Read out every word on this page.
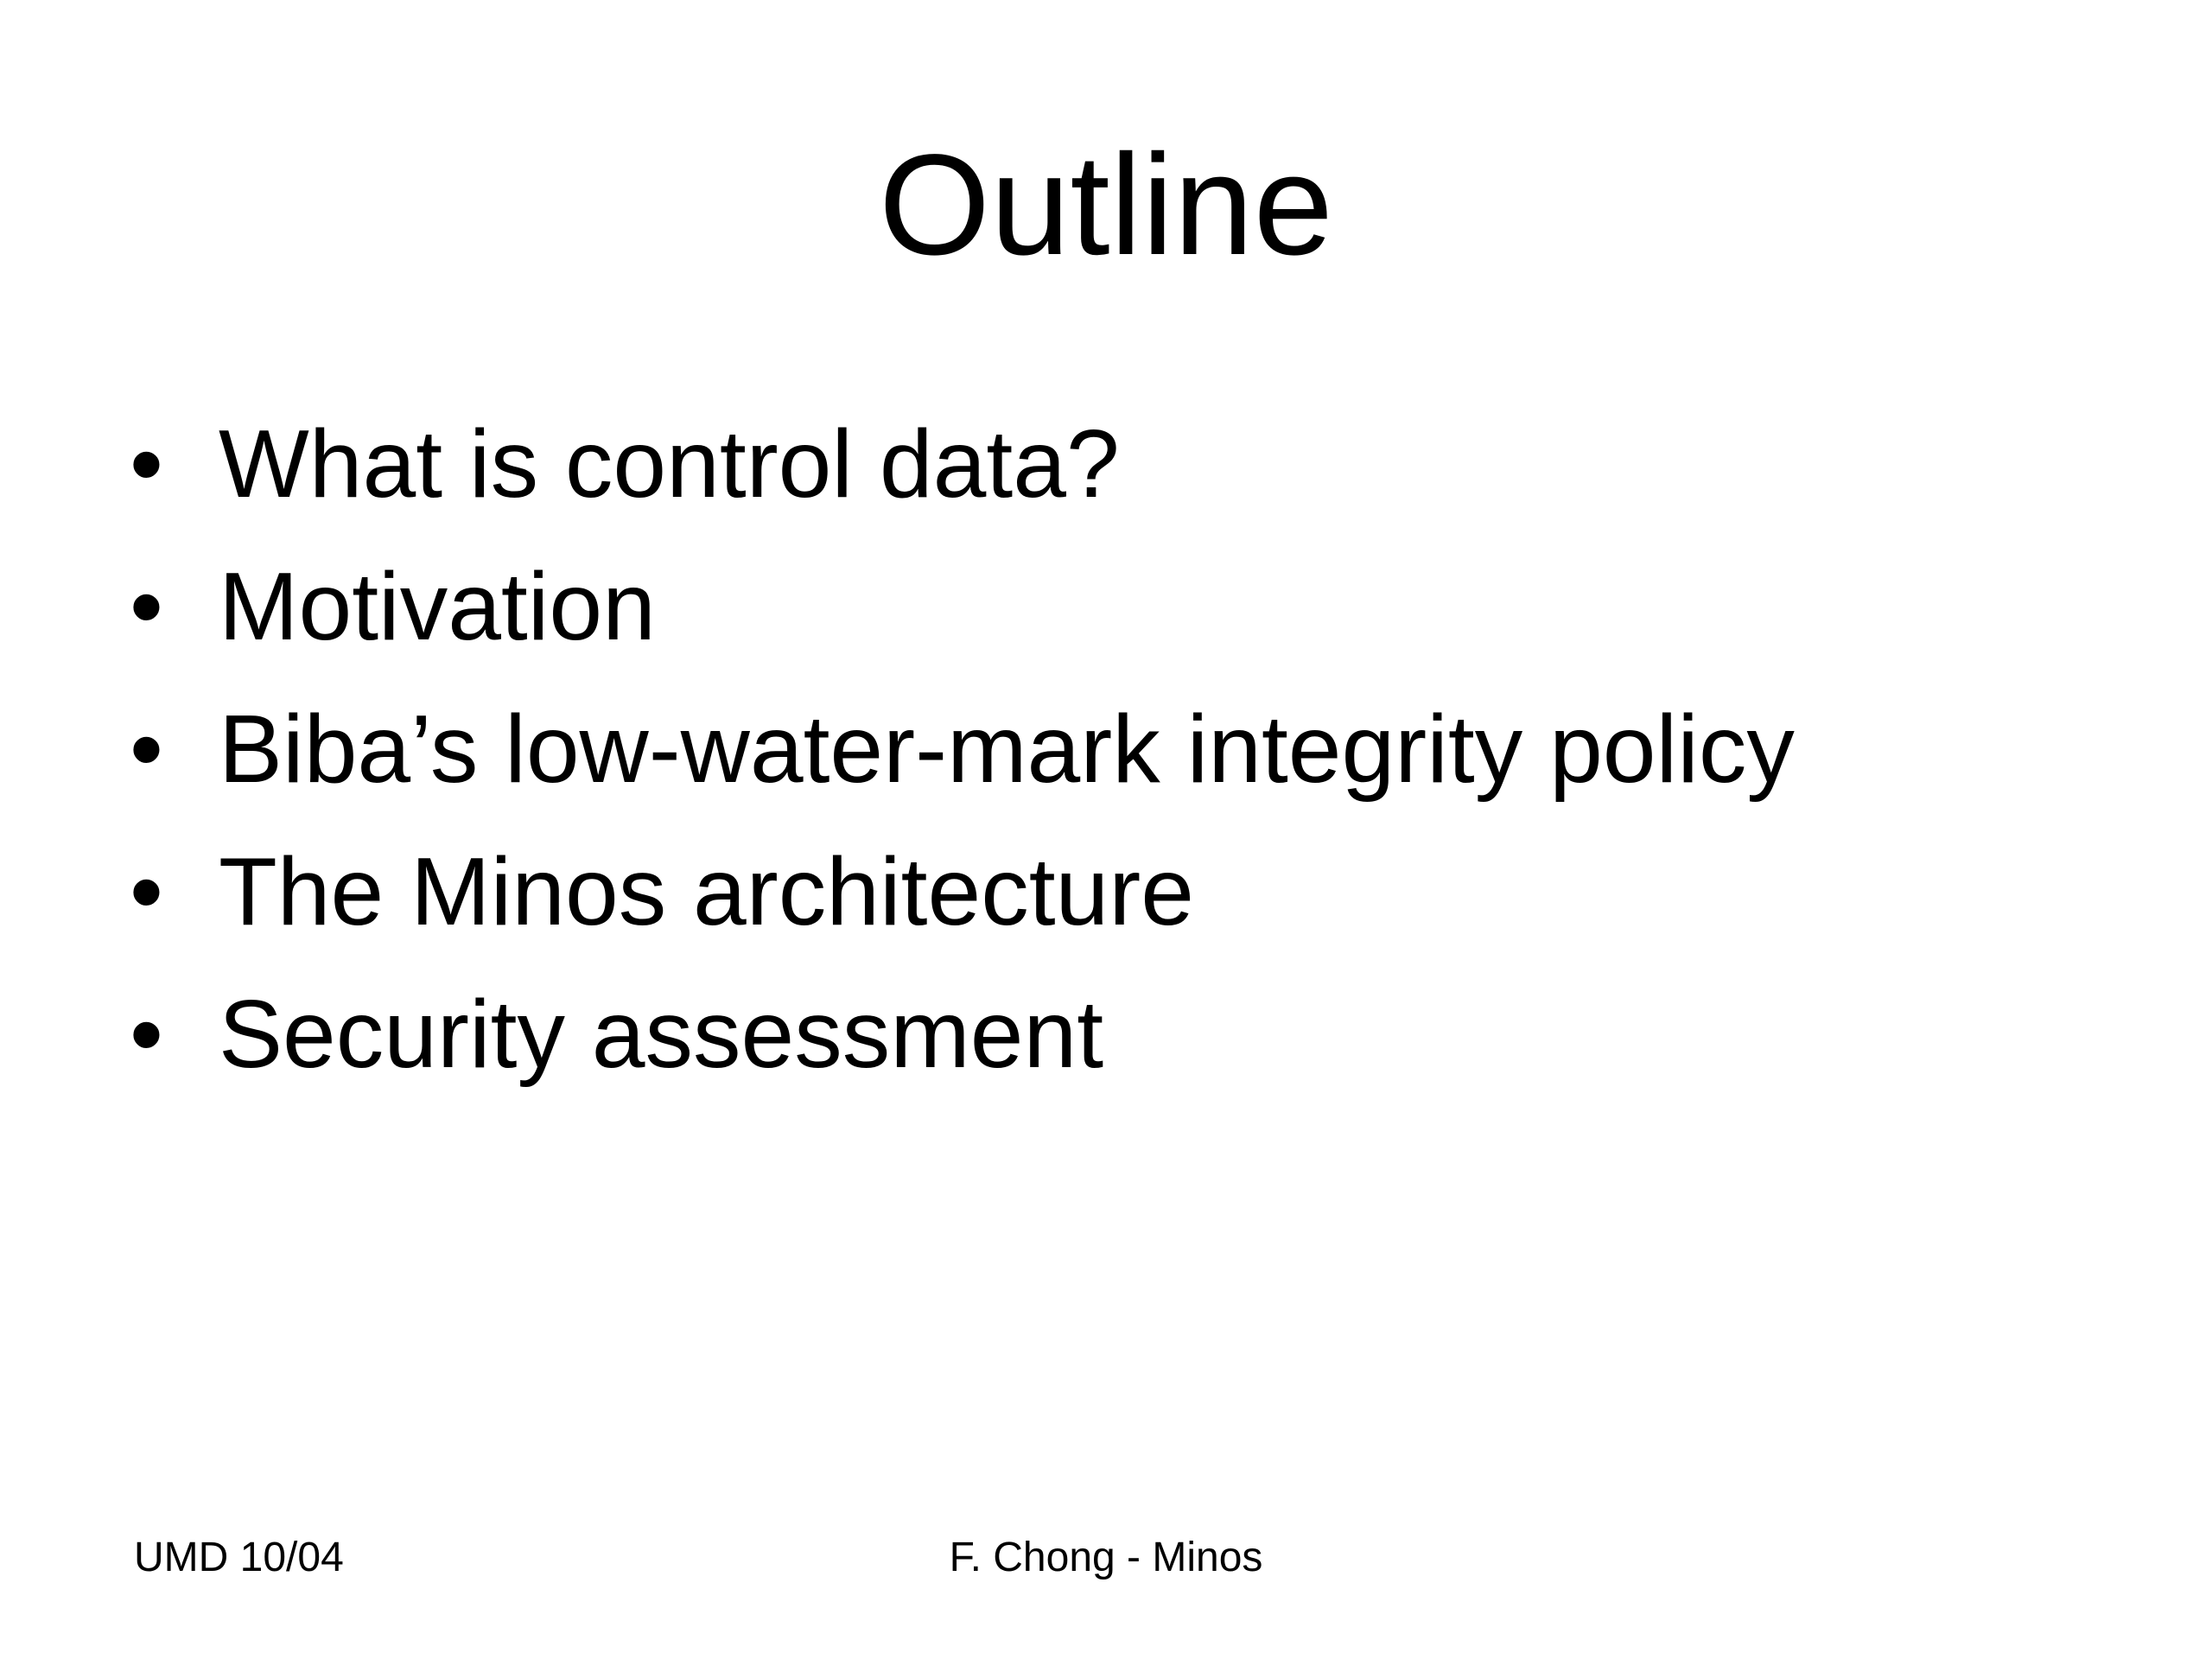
Outline
• What is control data?
• Motivation
• Biba’s low-water-mark integrity policy
• The Minos architecture
• Security assessment
UMD 10/04	F. Chong - Minos
